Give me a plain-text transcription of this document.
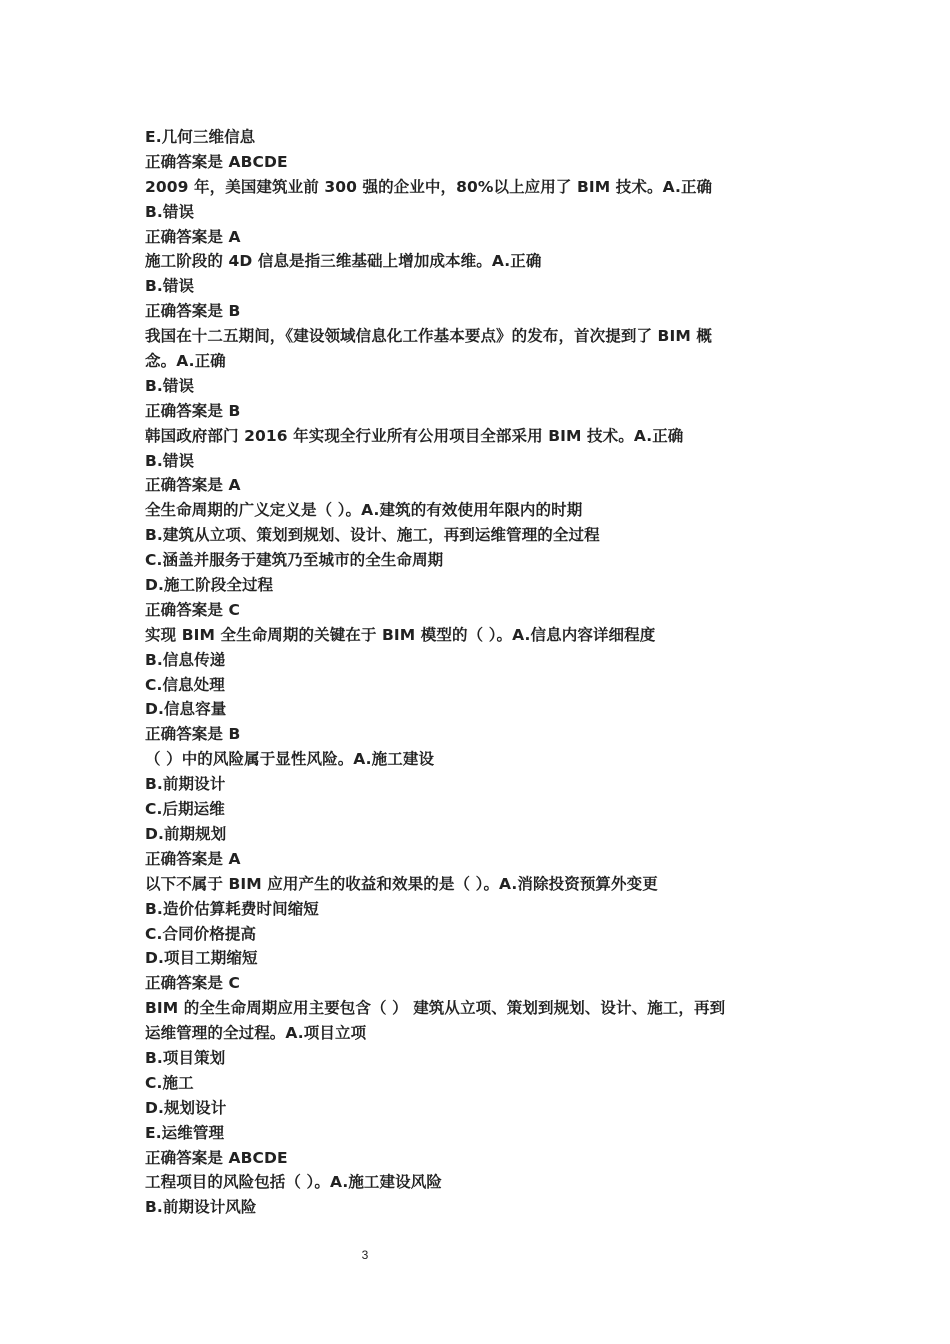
E.几何三维信息
正确答案是 ABCDE
2009 年，美国建筑业前 300 强的企业中，80%以上应用了 BIM 技术。A.正确
B.错误
正确答案是 A
施工阶段的 4D 信息是指三维基础上增加成本维。A.正确
B.错误
正确答案是 B
我国在十二五期间，《建设领域信息化工作基本要点》的发布，首次提到了 BIM 概
念。A.正确
B.错误
正确答案是 B
韩国政府部门 2016 年实现全行业所有公用项目全部采用 BIM 技术。A.正确
B.错误
正确答案是 A
全生命周期的广义定义是（ ）。A.建筑的有效使用年限内的时期
B.建筑从立项、策划到规划、设计、施工，再到运维管理的全过程
C.涵盖并服务于建筑乃至城市的全生命周期
D.施工阶段全过程
正确答案是 C
实现 BIM 全生命周期的关键在于 BIM 模型的（ ）。A.信息内容详细程度
B.信息传递
C.信息处理
D.信息容量
正确答案是 B
（ ）中的风险属于显性风险。A.施工建设
B.前期设计
C.后期运维
D.前期规划
正确答案是 A
以下不属于 BIM 应用产生的收益和效果的是（ ）。A.消除投资预算外变更
B.造价估算耗费时间缩短
C.合同价格提高
D.项目工期缩短
正确答案是 C
BIM 的全生命周期应用主要包含（ ） 建筑从立项、策划到规划、设计、施工，再到
运维管理的全过程。A.项目立项
B.项目策划
C.施工
D.规划设计
E.运维管理
正确答案是 ABCDE
工程项目的风险包括（ ）。A.施工建设风险
B.前期设计风险
3
